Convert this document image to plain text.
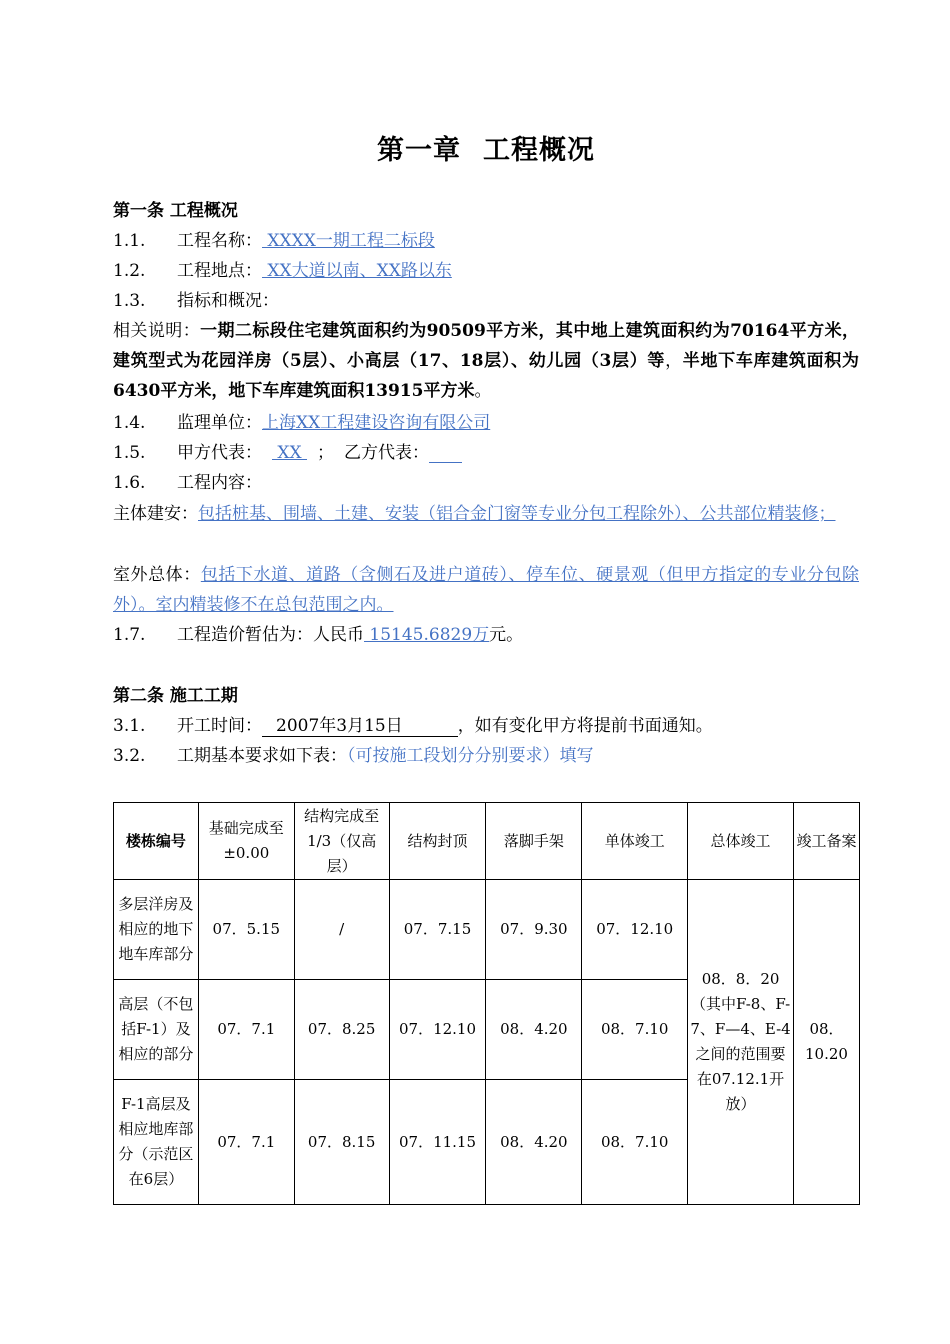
第一章 工程概况
第一条 工程概况
1.1. 工程名称： XXXX一期工程二标段
1.2. 工程地点： XX大道以南、XX路以东
1.3. 指标和概况：
相关说明：一期二标段住宅建筑面积约为90509平方米，其中地上建筑面积约为70164平方米，建筑型式为花园洋房（5层）、小高层（17、18层）、幼儿园（3层）等，半地下车库建筑面积为6430平方米，地下车库建筑面积13915平方米。
1.4. 监理单位：上海XX工程建设咨询有限公司
1.5. 甲方代表： XX ； 乙方代表：
1.6. 工程内容：
主体建安：包括桩基、围墙、土建、安装（铝合金门窗等专业分包工程除外）、公共部位精装修；
室外总体：包括下水道、道路（含侧石及进户道砖）、停车位、硬景观（但甲方指定的专业分包除外）。室内精装修不在总包范围之内。
1.7. 工程造价暂估为：人民币 15145.6829万元。
第二条 施工工期
3.1. 开工时间： 2007年3月15日	，如有变化甲方将提前书面通知。
3.2. 工期基本要求如下表：（可按施工段划分分别要求）填写
楼栋编号	基础完成至±0.00	结构完成至1/3（仅高层）	结构封顶	落脚手架	单体竣工	总体竣工	竣工备案
多层洋房及相应的地下地车库部分	07．5.15	/	07．7.15	07．9.30	07．12.10	08．8．20（其中F-8、F-7、F—4、E-4之间的范围要在07.12.1开放）	08．10.20
高层（不包括F-1）及相应的部分	07．7.1	07．8.25	07．12.10	08．4.20	08．7.10		
F-1高层及相应地库部分（示范区在6层）	07．7.1	07．8.15	07．11.15	08．4.20	08．7.10		
